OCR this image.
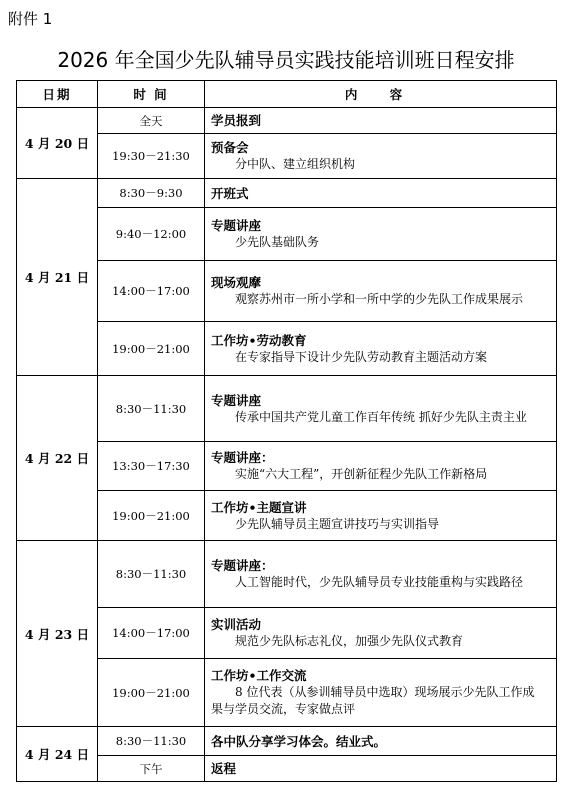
附件 1
2026 年全国少先队辅导员实践技能培训班日程安排
日期	时 间	内 容
4 月 20 日	全天	学员报到

	19:30－21:30	预备会
分中队、建立组织机构

4 月 21 日	8:30－9:30	开班式

	9:40－12:00	专题讲座
少先队基础队务

	14:00－17:00	现场观摩
观察苏州市一所小学和一所中学的少先队工作成果展示

	19:00－21:00	工作坊•劳动教育
在专家指导下设计少先队劳动教育主题活动方案

4 月 22 日	8:30－11:30	专题讲座
传承中国共产党儿童工作百年传统 抓好少先队主责主业

	13:30－17:30	专题讲座：
实施“六大工程”，开创新征程少先队工作新格局

	19:00－21:00	工作坊•主题宣讲
少先队辅导员主题宣讲技巧与实训指导

4 月 23 日	8:30－11:30	专题讲座：
人工智能时代，少先队辅导员专业技能重构与实践路径

	14:00－17:00	实训活动
规范少先队标志礼仪，加强少先队仪式教育

	19:00－21:00	工作坊•工作交流
8 位代表（从参训辅导员中选取）现场展示少先队工作成果与学员交流，专家做点评

4 月 24 日	8:30－11:30	各中队分享学习体会。结业式。

	下午	返程
